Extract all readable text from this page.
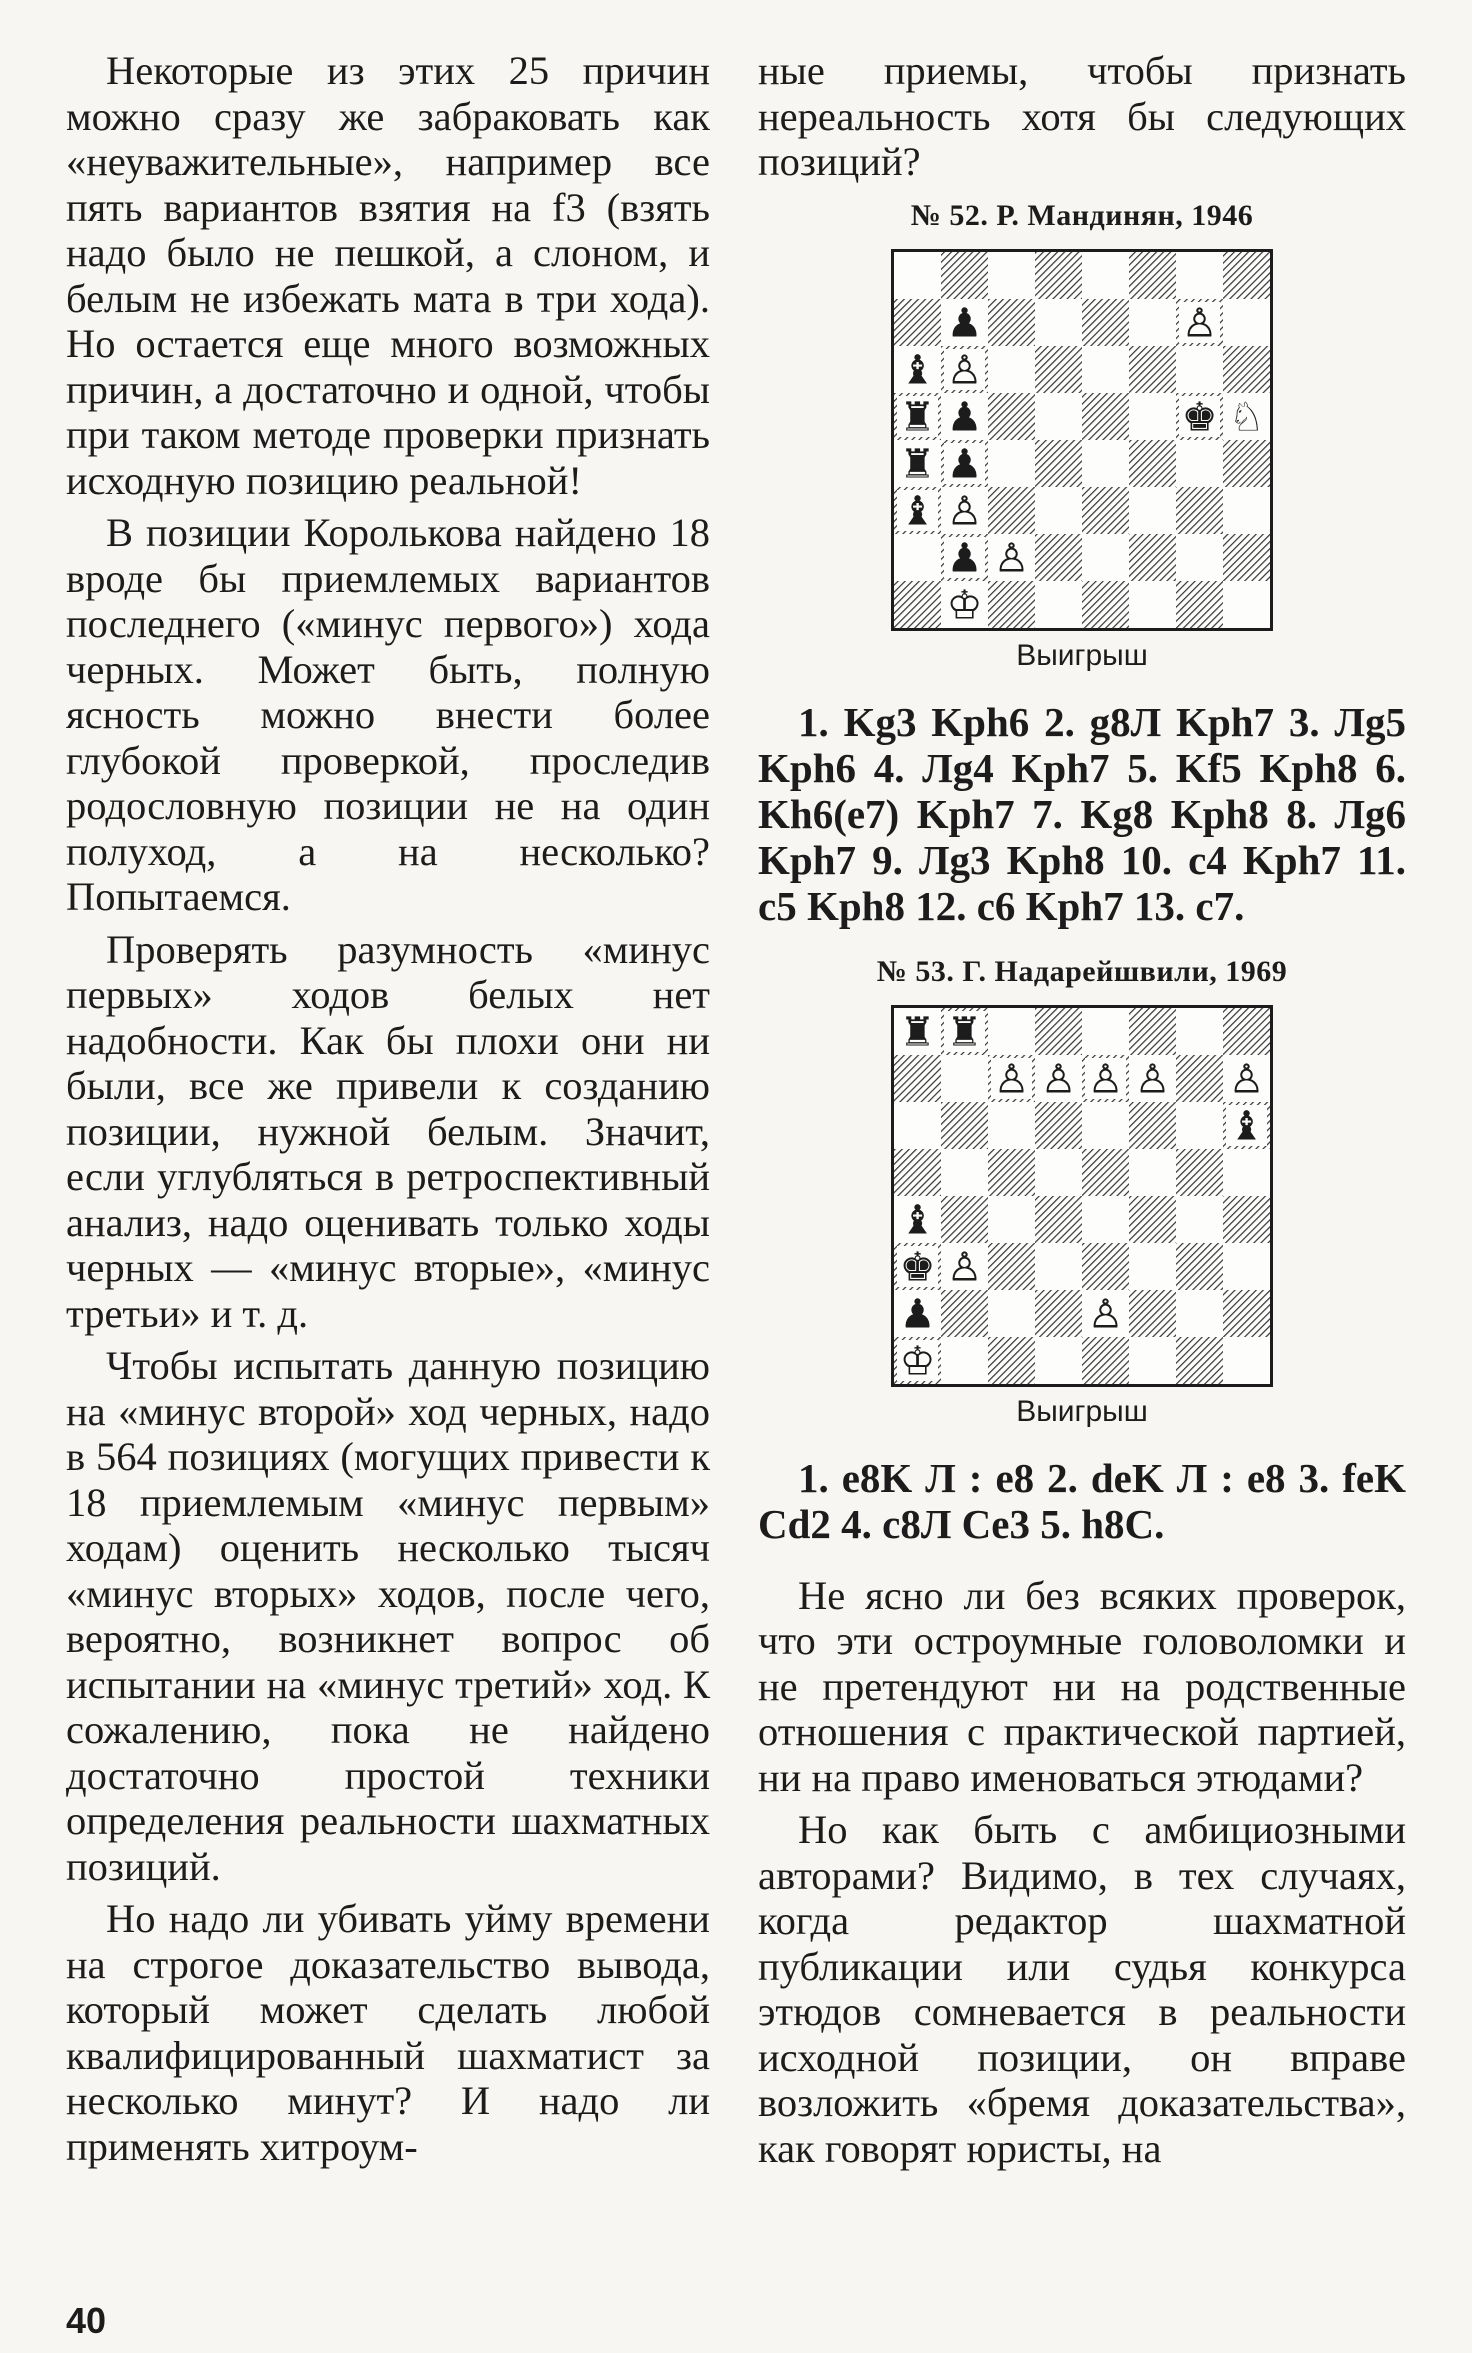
Некоторые из этих 25 причин можно сразу же забраковать как «неуважительные», например все пять вариантов взятия на f3 (взять надо было не пешкой, а слоном, и белым не избежать мата в три хода). Но остается еще много возможных причин, а достаточно и одной, чтобы при таком методе проверки признать исходную позицию реальной!

В позиции Королькова найдено 18 вроде бы приемлемых вариантов последнего («минус первого») хода черных. Может быть, полную ясность можно внести более глубокой проверкой, проследив родословную позиции не на один полуход, а на несколько? Попытаемся.

Проверять разумность «минус первых» ходов белых нет надобности. Как бы плохи они ни были, все же привели к созданию позиции, нужной белым. Значит, если углубляться в ретроспективный анализ, надо оценивать только ходы черных — «минус вторые», «минус третьи» и т. д.

Чтобы испытать данную позицию на «минус второй» ход черных, надо в 564 позициях (могущих привести к 18 приемлемым «минус первым» ходам) оценить несколько тысяч «минус вторых» ходов, после чего, вероятно, возникнет вопрос об испытании на «минус третий» ход. К сожалению, пока не найдено достаточно простой техники определения реальности шахматных позиций.

Но надо ли убивать уйму времени на строгое доказательство вывода, который может сделать любой квалифицированный шахматист за несколько минут? И надо ли применять хитроум-

ные приемы, чтобы признать нереальность хотя бы следующих позиций?

№ 52. Р. Мандинян, 1946
♟	♙
♝ ♙
♜ ♟	♚ ♘
♜ ♟
♝ ♙
♟ ♙
♔
Выигрыш
1. Kg3 Kph6 2. g8Л Kph7 3. Лg5 Kph6 4. Лg4 Kph7 5. Kf5 Kph8 6. Kh6(e7) Kph7 7. Kg8 Kph8 8. Лg6 Kph7 9. Лg3 Kph8 10. c4 Kph7 11. c5 Kph8 12. c6 Kph7 13. c7.
№ 53. Г. Надарейшвили, 1969
♜ ♜
♙ ♙ ♙ ♙ ♙
♝
♝
♚ ♙
♟	♙
♔
Выигрыш
1. e8K Л : e8 2. deK Л : e8 3. feK Cd2 4. c8Л Ce3 5. h8C.

Не ясно ли без всяких проверок, что эти остроумные головоломки и не претендуют ни на родственные отношения с практической партией, ни на право именоваться этюдами?

Но как быть с амбициозными авторами? Видимо, в тех случаях, когда редактор шахматной публикации или судья конкурса этюдов сомневается в реальности исходной позиции, он вправе возложить «бремя доказательства», как говорят юристы, на

40
